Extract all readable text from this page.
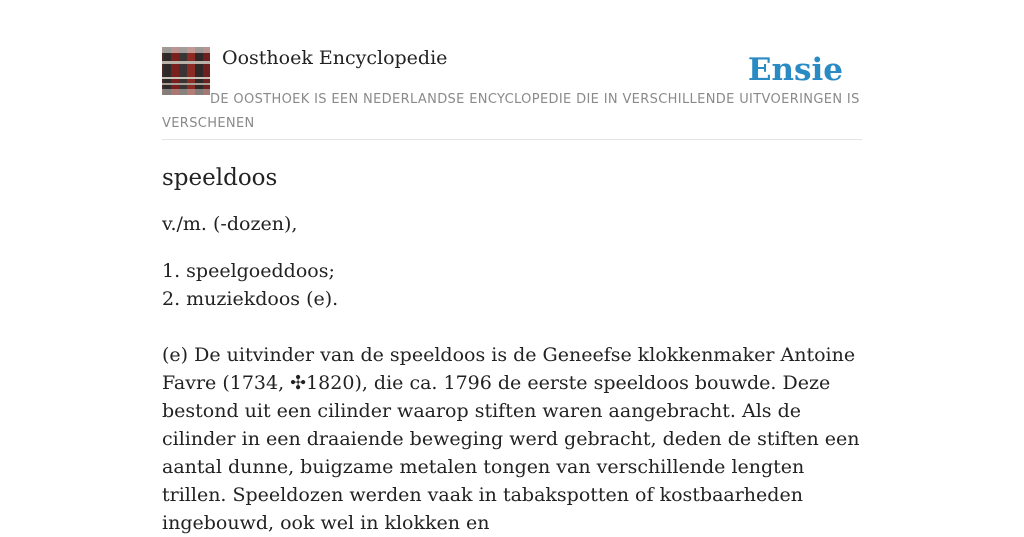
Oosthoek Encyclopedie	Ensie
DE OOSTHOEK IS EEN NEDERLANDSE ENCYCLOPEDIE DIE IN VERSCHILLENDE UITVOERINGEN IS VERSCHENEN
speeldoos

v./m. (-dozen),

1. speelgoeddoos;
2. muziekdoos (e).

(e) De uitvinder van de speeldoos is de Geneefse klokkenmaker Antoine Favre (1734, ✣1820), die ca. 1796 de eerste speeldoos bouwde. Deze bestond uit een cilinder waarop stiften waren aangebracht. Als de cilinder in een draaiende beweging werd gebracht, deden de stiften een aantal dunne, buigzame metalen tongen van verschillende lengten trillen. Speeldozen werden vaak in tabakspotten of kostbaarheden ingebouwd, ook wel in klokken en
